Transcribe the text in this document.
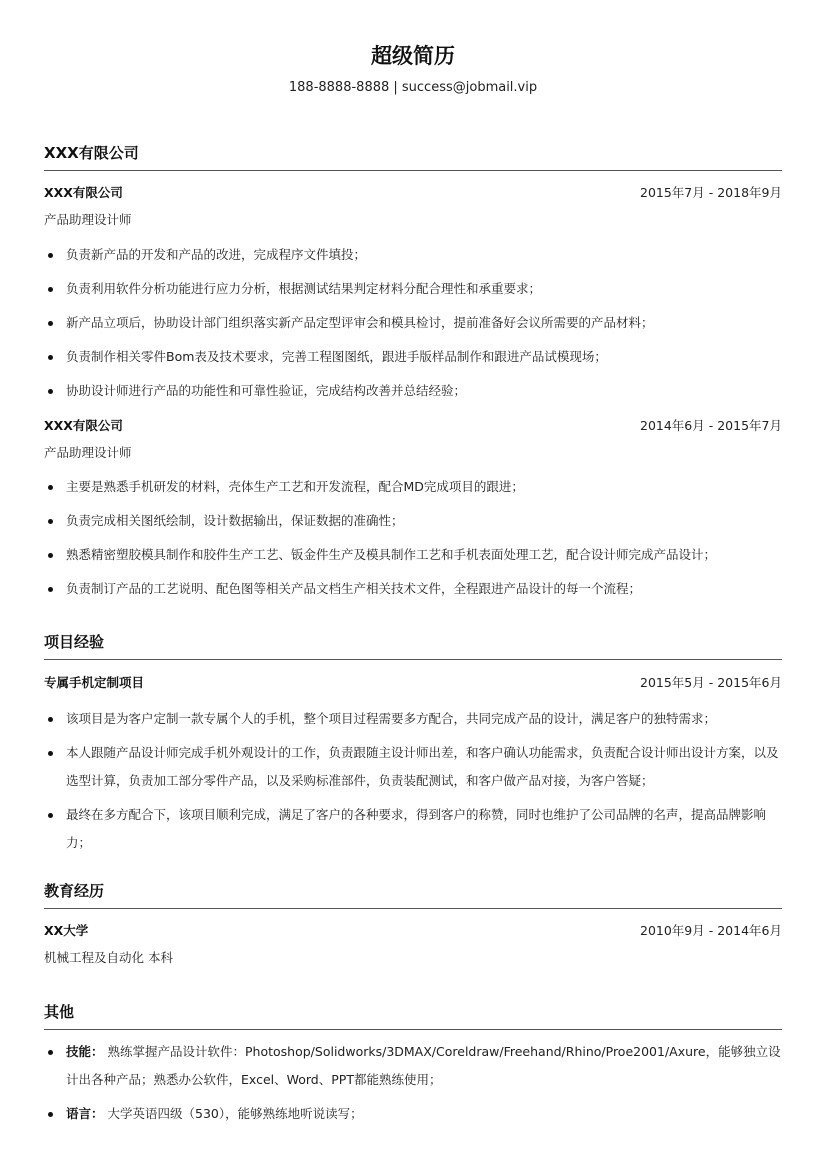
超级简历
188-8888-8888 | success@jobmail.vip
XXX有限公司
XXX有限公司	2015年7月 - 2018年9月
产品助理设计师
负责新产品的开发和产品的改进，完成程序文件填投；
负责利用软件分析功能进行应力分析，根据测试结果判定材料分配合理性和承重要求；
新产品立项后，协助设计部门组织落实新产品定型评审会和模具检讨，提前准备好会议所需要的产品材料；
负责制作相关零件Bom表及技术要求，完善工程图图纸，跟进手版样品制作和跟进产品试模现场；
协助设计师进行产品的功能性和可靠性验证，完成结构改善并总结经验；
XXX有限公司	2014年6月 - 2015年7月
产品助理设计师
主要是熟悉手机研发的材料，壳体生产工艺和开发流程，配合MD完成项目的跟进；
负责完成相关图纸绘制，设计数据输出，保证数据的准确性；
熟悉精密塑胶模具制作和胶件生产工艺、钣金件生产及模具制作工艺和手机表面处理工艺，配合设计师完成产品设计；
负责制订产品的工艺说明、配色图等相关产品文档生产相关技术文件，全程跟进产品设计的每一个流程；
项目经验
专属手机定制项目	2015年5月 - 2015年6月
该项目是为客户定制一款专属个人的手机，整个项目过程需要多方配合，共同完成产品的设计，满足客户的独特需求；
本人跟随产品设计师完成手机外观设计的工作，负责跟随主设计师出差，和客户确认功能需求，负责配合设计师出设计方案，以及选型计算，负责加工部分零件产品，以及采购标准部件，负责装配测试，和客户做产品对接，为客户答疑；
最终在多方配合下，该项目顺利完成，满足了客户的各种要求，得到客户的称赞，同时也维护了公司品牌的名声，提高品牌影响力；
教育经历
XX大学	2010年9月 - 2014年6月
机械工程及自动化 本科
其他
技能： 熟练掌握产品设计软件：Photoshop/Solidworks/3DMAX/Coreldraw/Freehand/Rhino/Proe2001/Axure，能够独立设计出各种产品；熟悉办公软件，Excel、Word、PPT都能熟练使用；
语言： 大学英语四级（530），能够熟练地听说读写；
